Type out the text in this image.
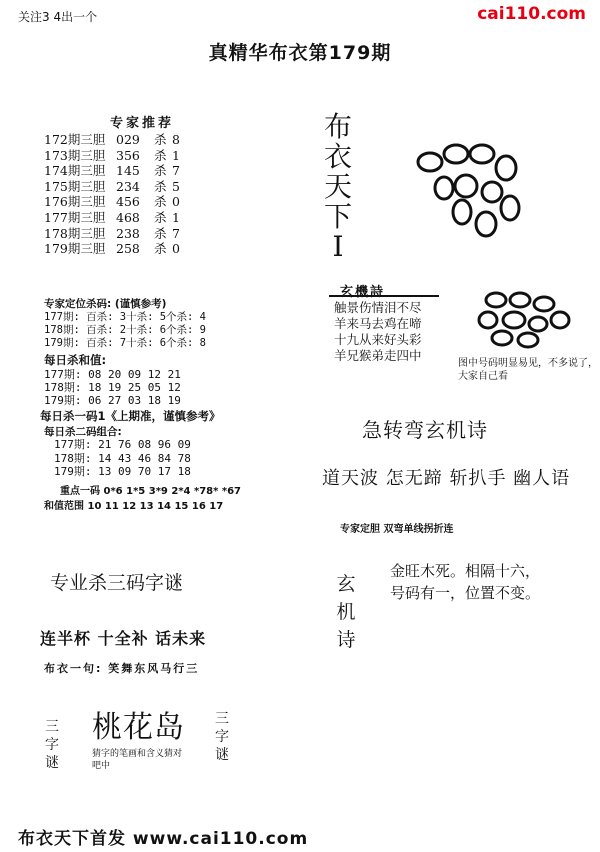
关注3 4出一个	cai110.com
真精华布衣第179期
专家推荐
172期三胆 029 杀 8
173期三胆 356 杀 1
174期三胆 145 杀 7
175期三胆 234 杀 5
176期三胆 456 杀 0
177期三胆 468 杀 1
178期三胆 238 杀 7
179期三胆 258 杀 0
专家定位杀码: (谨慎参考)
177期: 百杀: 3十杀: 5个杀: 4
178期: 百杀: 2十杀: 6个杀: 9
179期: 百杀: 7十杀: 6个杀: 8
每日杀和值:
177期: 08 20 09 12 21
178期: 18 19 25 05 12
179期: 06 27 03 18 19
每日杀一码1《上期准，谨慎参考》
每日杀二码组合:
177期: 21 76 08 96 09
178期: 14 43 46 84 78
179期: 13 09 70 17 18
重点一码 0*6 1*5 3*9 2*4 *78* *67
和值范围 10 11 12 13 14 15 16 17
专业杀三码字谜
连半杯 十全补 话未来
布衣一句: 笑舞东风马行三
三字谜
桃花岛
猜字的笔画和含义猜对吧中
三字谜
布衣天下首发 www.cai110.com
布衣天下I
玄機詩
触景伤情泪不尽
羊来马去鸡在啼
十九从来好头彩
羊兄猴弟走四中
图中号码明显易见，不多说了，大家自己看
急转弯玄机诗
道天波 怎无蹄 斩扒手 幽人语
专家定胆 双弯单线拐折连
玄机诗
金旺木死。相隔十六，
号码有一，位置不变。
